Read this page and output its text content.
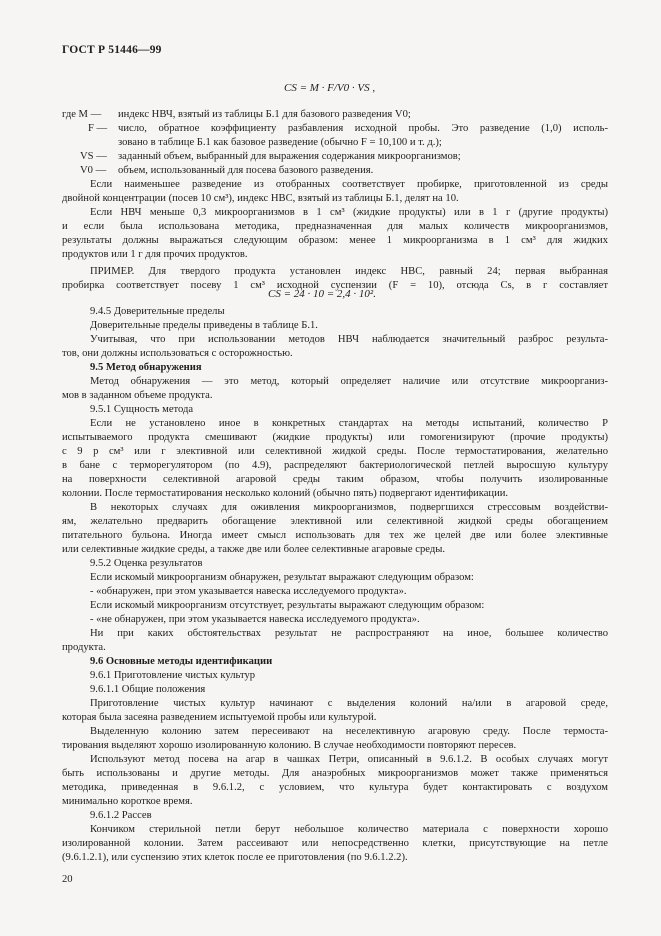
ГОСТ Р 51446—99
CS = M · F/V0 · VS ,
где M — индекс НВЧ, взятый из таблицы Б.1 для базового разведения V0;
F — число, обратное коэффициенту разбавления исходной пробы. Это разведение (1,0) исполь-
зовано в таблице Б.1 как базовое разведение (обычно F = 10,100 и т. д.);
VS — заданный объем, выбранный для выражения содержания микроорганизмов;
V0 — объем, использованный для посева базового разведения.
Если наименьшее разведение из отобранных соответствует пробирке, приготовленной из среды
двойной концентрации (посев 10 см³), индекс НВС, взятый из таблицы Б.1, делят на 10.
Если НВЧ меньше 0,3 микроорганизмов в 1 см³ (жидкие продукты) или в 1 г (другие продукты)
и если была использована методика, предназначенная для малых количеств микроорганизмов,
результаты должны выражаться следующим образом: менее 1 микроорганизма в 1 см³ для жидких
продуктов или 1 г для прочих продуктов.
ПРИМЕР. Для твердого продукта установлен индекс НВС, равный 24; первая выбранная
пробирка соответствует посеву 1 см³ исходной суспензии (F = 10), отсюда Cs, в г составляет
CS = 24 · 10 = 2,4 · 10².
9.4.5 Доверительные пределы
Доверительные пределы приведены в таблице Б.1.
Учитывая, что при использовании методов НВЧ наблюдается значительный разброс результа-
тов, они должны использоваться с осторожностью.
9.5 Метод обнаружения
Метод обнаружения — это метод, который определяет наличие или отсутствие микроорганиз-
мов в заданном объеме продукта.
9.5.1 Сущность метода
Если не установлено иное в конкретных стандартах на методы испытаний, количество P
испытываемого продукта смешивают (жидкие продукты) или гомогенизируют (прочие продукты)
с 9 p см³ или г элективной или селективной жидкой среды. После термостатирования, желательно
в бане с терморегулятором (по 4.9), распределяют бактериологической петлей выросшую культуру
на поверхности селективной агаровой среды таким образом, чтобы получить изолированные
колонии. После термостатирования несколько колоний (обычно пять) подвергают идентификации.
В некоторых случаях для оживления микроорганизмов, подвергшихся стрессовым воздействи-
ям, желательно предварить обогащение элективной или селективной жидкой среды обогащением
питательного бульона. Иногда имеет смысл использовать для тех же целей две или более элективные
или селективные жидкие среды, а также две или более селективные агаровые среды.
9.5.2 Оценка результатов
Если искомый микроорганизм обнаружен, результат выражают следующим образом:
- «обнаружен, при этом указывается навеска исследуемого продукта».
Если искомый микроорганизм отсутствует, результаты выражают следующим образом:
- «не обнаружен, при этом указывается навеска исследуемого продукта».
Ни при каких обстоятельствах результат не распространяют на иное, большее количество
продукта.
9.6 Основные методы идентификации
9.6.1 Приготовление чистых культур
9.6.1.1 Общие положения
Приготовление чистых культур начинают с выделения колоний на/или в агаровой среде,
которая была засеяна разведением испытуемой пробы или культурой.
Выделенную колонию затем пересеивают на неселективную агаровую среду. После термоста-
тирования выделяют хорошо изолированную колонию. В случае необходимости повторяют пересев.
Используют метод посева на агар в чашках Петри, описанный в 9.6.1.2. В особых случаях могут
быть использованы и другие методы. Для анаэробных микроорганизмов может также применяться
методика, приведенная в 9.6.1.2, с условием, что культура будет контактировать с воздухом
минимально короткое время.
9.6.1.2 Рассев
Кончиком стерильной петли берут небольшое количество материала с поверхности хорошо
изолированной колонии. Затем рассеивают или непосредственно клетки, присутствующие на петле
(9.6.1.2.1), или суспензию этих клеток после ее приготовления (по 9.6.1.2.2).
20
